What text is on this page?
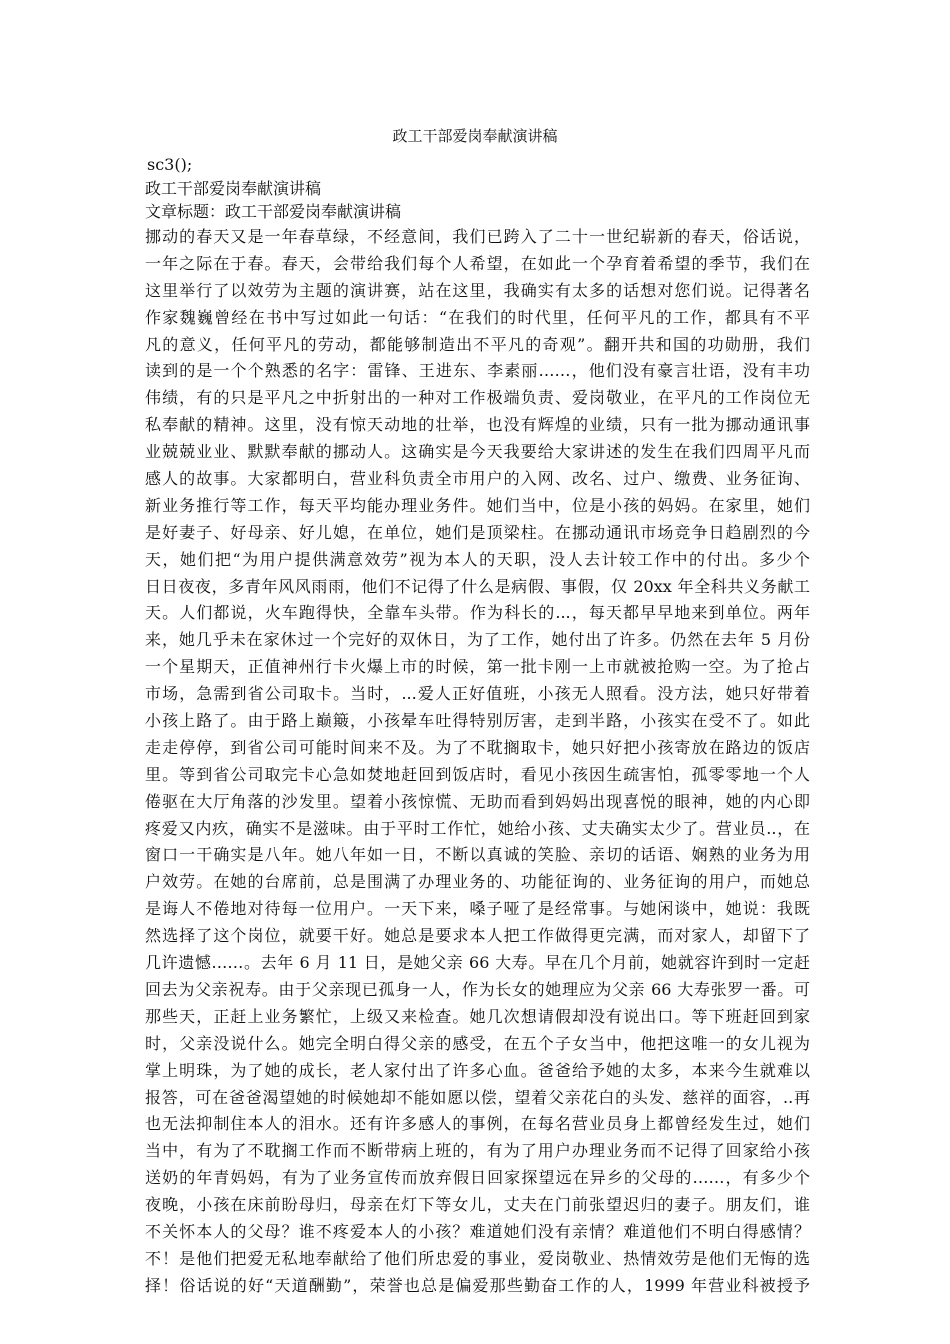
政工干部爱岗奉献演讲稿
sc3();
政工干部爱岗奉献演讲稿
文章标题：政工干部爱岗奉献演讲稿
挪动的春天又是一年春草绿，不经意间，我们已跨入了二十一世纪崭新的春天，俗话说，
一年之际在于春。春天，会带给我们每个人希望，在如此一个孕育着希望的季节，我们在
这里举行了以效劳为主题的演讲赛，站在这里，我确实有太多的话想对您们说。记得著名
作家魏巍曾经在书中写过如此一句话：“在我们的时代里，任何平凡的工作，都具有不平
凡的意义，任何平凡的劳动，都能够制造出不平凡的奇观”。翻开共和国的功勋册，我们
读到的是一个个熟悉的名字：雷锋、王进东、李素丽……，他们没有豪言壮语，没有丰功
伟绩，有的只是平凡之中折射出的一种对工作极端负责、爱岗敬业，在平凡的工作岗位无
私奉献的精神。这里，没有惊天动地的壮举，也没有辉煌的业绩，只有一批为挪动通讯事
业兢兢业业、默默奉献的挪动人。这确实是今天我要给大家讲述的发生在我们四周平凡而
感人的故事。大家都明白，营业科负责全市用户的入网、改名、过户、缴费、业务征询、
新业务推行等工作，每天平均能办理业务件。她们当中，位是小孩的妈妈。在家里，她们
是好妻子、好母亲、好儿媳，在单位，她们是顶梁柱。在挪动通讯市场竞争日趋剧烈的今
天，她们把“为用户提供满意效劳”视为本人的天职，没人去计较工作中的付出。多少个
日日夜夜，多青年风风雨雨，他们不记得了什么是病假、事假，仅 20xx 年全科共义务献工
天。人们都说，火车跑得快，全靠车头带。作为科长的...，每天都早早地来到单位。两年
来，她几乎未在家休过一个完好的双休日，为了工作，她付出了许多。仍然在去年 5 月份
一个星期天，正值神州行卡火爆上市的时候，第一批卡刚一上市就被抢购一空。为了抢占
市场，急需到省公司取卡。当时，...爱人正好值班，小孩无人照看。没方法，她只好带着
小孩上路了。由于路上巅簸，小孩晕车吐得特别厉害，走到半路，小孩实在受不了。如此
走走停停，到省公司可能时间来不及。为了不耽搁取卡，她只好把小孩寄放在路边的饭店
里。等到省公司取完卡心急如焚地赶回到饭店时，看见小孩因生疏害怕，孤零零地一个人
倦驱在大厅角落的沙发里。望着小孩惊慌、无助而看到妈妈出现喜悦的眼神，她的内心即
疼爱又内疚，确实不是滋味。由于平时工作忙，她给小孩、丈夫确实太少了。营业员..，在
窗口一干确实是八年。她八年如一日，不断以真诚的笑脸、亲切的话语、娴熟的业务为用
户效劳。在她的台席前，总是围满了办理业务的、功能征询的、业务征询的用户，而她总
是诲人不倦地对待每一位用户。一天下来，嗓子哑了是经常事。与她闲谈中，她说：我既
然选择了这个岗位，就要干好。她总是要求本人把工作做得更完满，而对家人，却留下了
几许遗憾……。去年 6 月 11 日，是她父亲 66 大寿。早在几个月前，她就容许到时一定赶
回去为父亲祝寿。由于父亲现已孤身一人，作为长女的她理应为父亲 66 大寿张罗一番。可
那些天，正赶上业务繁忙，上级又来检查。她几次想请假却没有说出口。等下班赶回到家
时，父亲没说什么。她完全明白得父亲的感受，在五个子女当中，他把这唯一的女儿视为
掌上明珠，为了她的成长，老人家付出了许多心血。爸爸给予她的太多，本来今生就难以
报答，可在爸爸渴望她的时候她却不能如愿以偿，望着父亲花白的头发、慈祥的面容，..再
也无法抑制住本人的泪水。还有许多感人的事例，在每名营业员身上都曾经发生过，她们
当中，有为了不耽搁工作而不断带病上班的，有为了用户办理业务而不记得了回家给小孩
送奶的年青妈妈，有为了业务宣传而放弃假日回家探望远在异乡的父母的……，有多少个
夜晚，小孩在床前盼母归，母亲在灯下等女儿，丈夫在门前张望迟归的妻子。朋友们，谁
不关怀本人的父母？谁不疼爱本人的小孩？难道她们没有亲情？难道他们不明白得感情？
不！是他们把爱无私地奉献给了他们所忠爱的事业，爱岗敬业、热情效劳是他们无悔的选
择！俗话说的好“天道酬勤”，荣誉也总是偏爱那些勤奋工作的人，1999 年营业科被授予
